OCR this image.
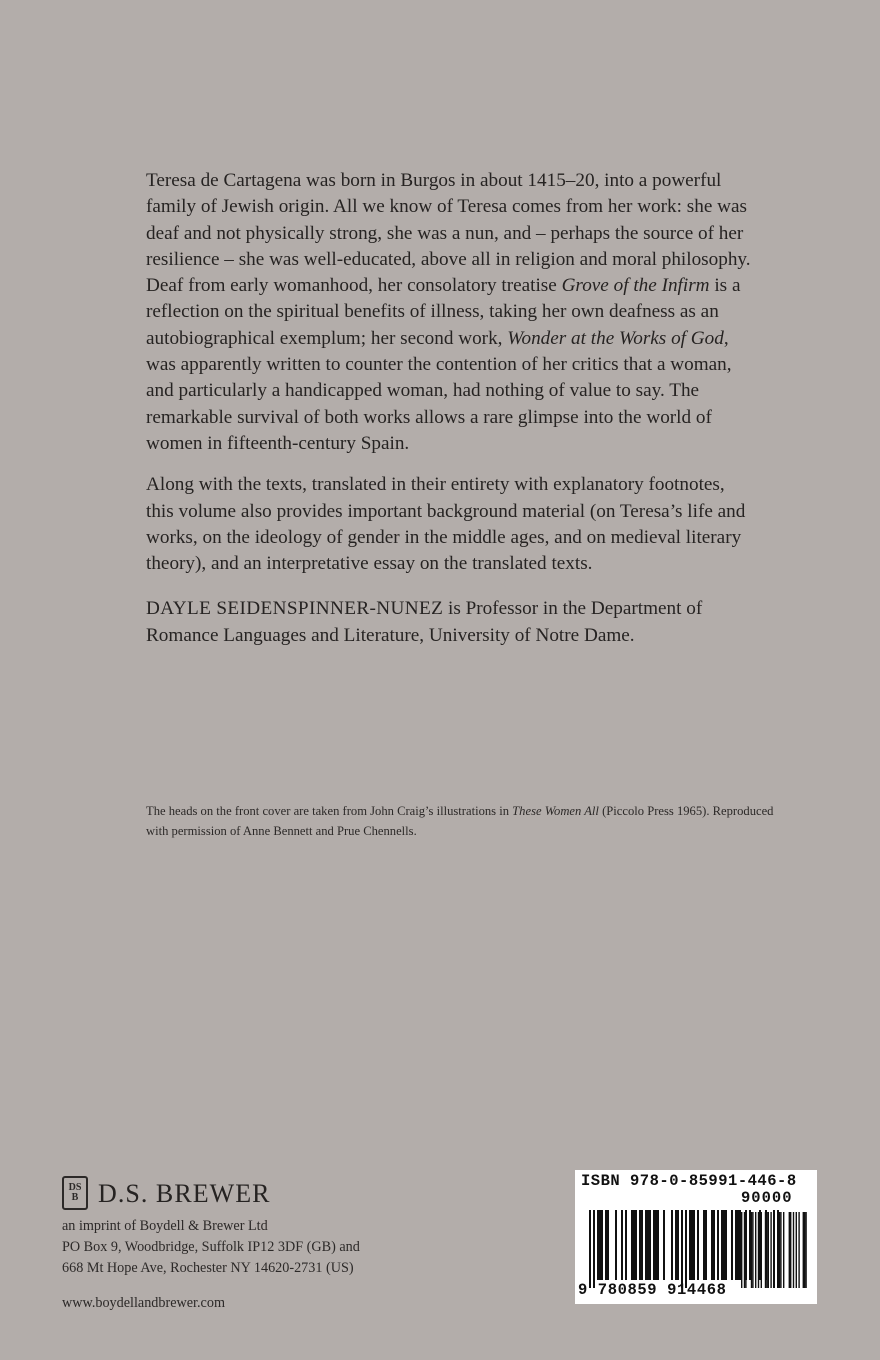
Teresa de Cartagena was born in Burgos in about 1415–20, into a powerful family of Jewish origin. All we know of Teresa comes from her work: she was deaf and not physically strong, she was a nun, and – perhaps the source of her resilience – she was well-educated, above all in religion and moral philosophy. Deaf from early womanhood, her consolatory treatise Grove of the Infirm is a reflection on the spiritual benefits of illness, taking her own deafness as an autobiographical exemplum; her second work, Wonder at the Works of God, was apparently written to counter the contention of her critics that a woman, and particularly a handicapped woman, had nothing of value to say. The remarkable survival of both works allows a rare glimpse into the world of women in fifteenth-century Spain.

Along with the texts, translated in their entirety with explanatory footnotes, this volume also provides important background material (on Teresa’s life and works, on the ideology of gender in the middle ages, and on medieval literary theory), and an interpretative essay on the translated texts.

DAYLE SEIDENSPINNER-NUNEZ is Professor in the Department of Romance Languages and Literature, University of Notre Dame.

The heads on the front cover are taken from John Craig’s illustrations in These Women All (Piccolo Press 1965). Reproduced with permission of Anne Bennett and Prue Chennells.
DS
B D.S. BREWER
an imprint of Boydell & Brewer Ltd
PO Box 9, Woodbridge, Suffolk IP12 3DF (GB) and
668 Mt Hope Ave, Rochester NY 14620-2731 (US)
www.boydellandbrewer.com
ISBN 978-0-85991-446-8
90000
9 780859 914468
